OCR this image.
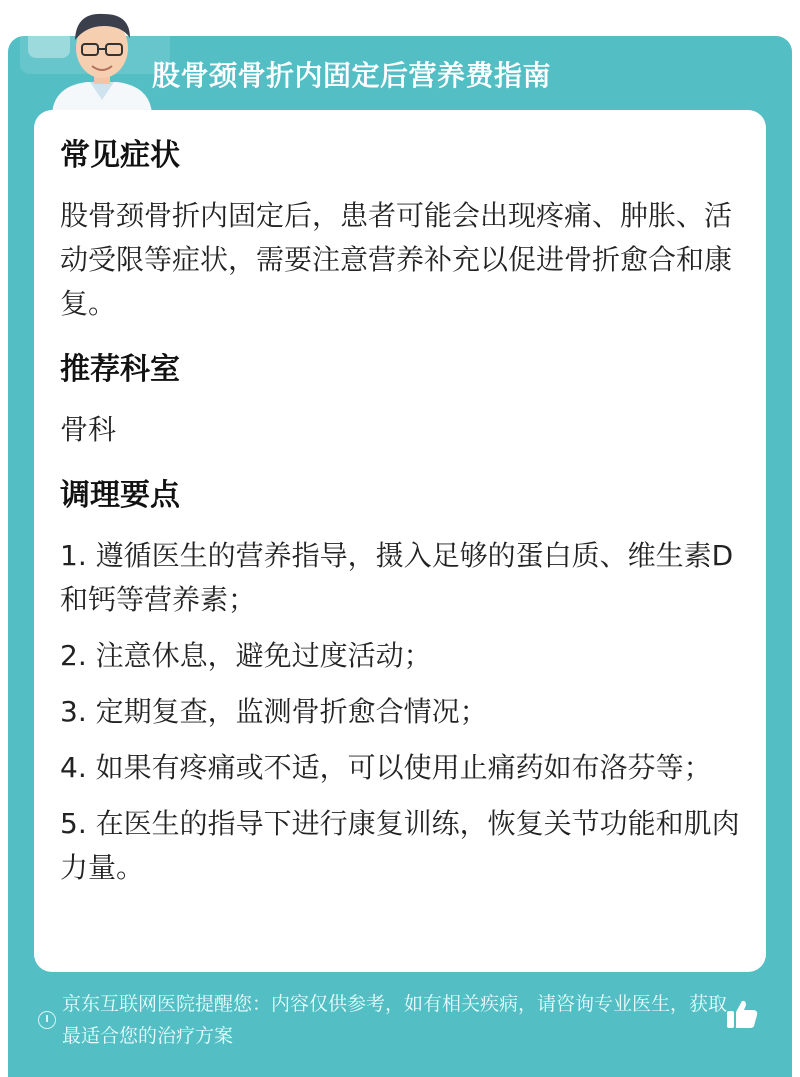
股骨颈骨折内固定后营养费指南
常见症状

股骨颈骨折内固定后，患者可能会出现疼痛、肿胀、活动受限等症状，需要注意营养补充以促进骨折愈合和康复。

推荐科室

骨科

调理要点

1. 遵循医生的营养指导，摄入足够的蛋白质、维生素D和钙等营养素；

2. 注意休息，避免过度活动；

3. 定期复查，监测骨折愈合情况；

4. 如果有疼痛或不适，可以使用止痛药如布洛芬等；

5. 在医生的指导下进行康复训练，恢复关节功能和肌肉力量。

京东互联网医院提醒您：内容仅供参考，如有相关疾病，请咨询专业医生，获取最适合您的治疗方案
